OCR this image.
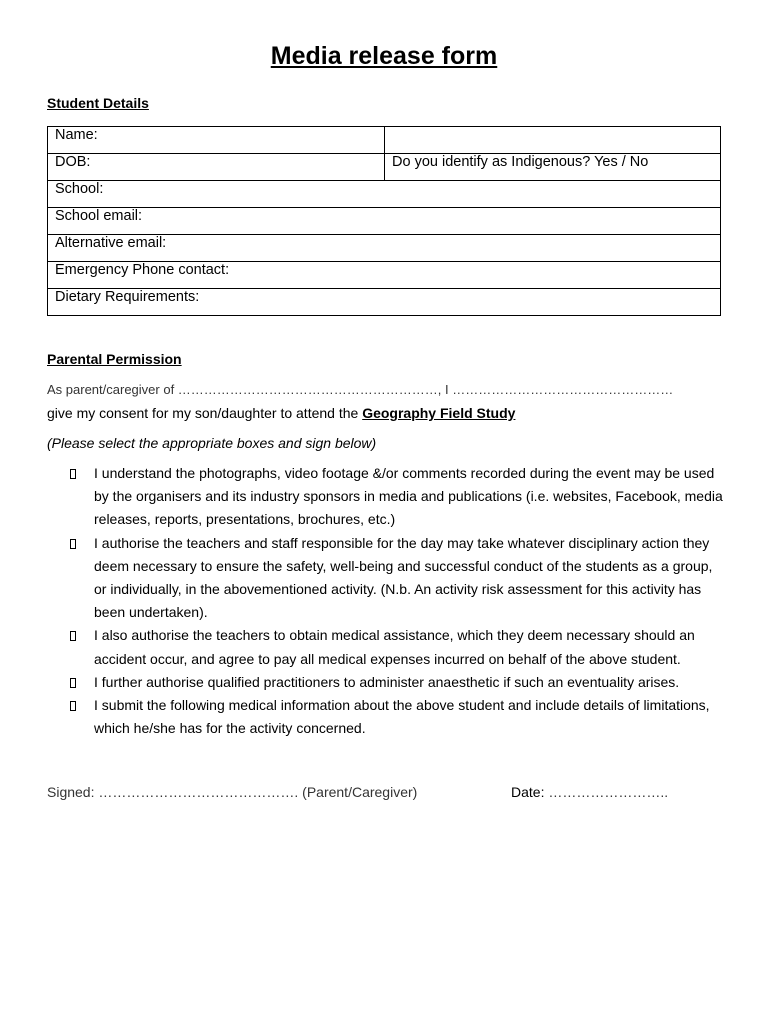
Media release form
Student Details
Name:	
DOB:	Do you identify as Indigenous? Yes / No
School:	
School email:	
Alternative email:	
Emergency Phone contact:	
Dietary Requirements:	
Parental Permission
As parent/caregiver of ……………………………………………………, I ……………………………………………
give my consent for my son/daughter to attend the Geography Field Study
(Please select the appropriate boxes and sign below)
I understand the photographs, video footage &/or comments recorded during the event may be used by the organisers and its industry sponsors in media and publications (i.e. websites, Facebook, media releases, reports, presentations, brochures, etc.)
I authorise the teachers and staff responsible for the day may take whatever disciplinary action they deem necessary to ensure the safety, well-being and successful conduct of the students as a group, or individually, in the abovementioned activity. (N.b. An activity risk assessment for this activity has been undertaken).
I also authorise the teachers to obtain medical assistance, which they deem necessary should an accident occur, and agree to pay all medical expenses incurred on behalf of the above student.
I further authorise qualified practitioners to administer anaesthetic if such an eventuality arises.
I submit the following medical information about the above student and include details of limitations, which he/she has for the activity concerned.
Signed: ……………………………………. (Parent/Caregiver)	Date: ……………………..
